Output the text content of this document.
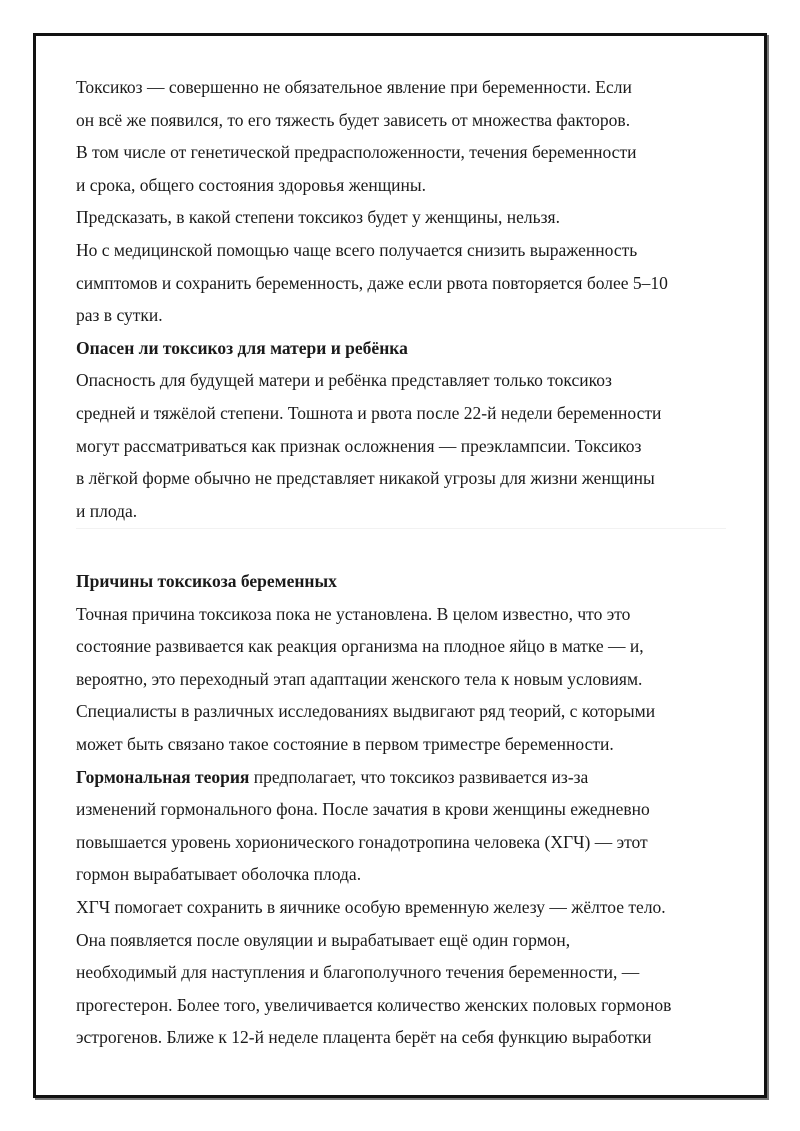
Токсикоз — совершенно не обязательное явление при беременности. Если
он всё же появился, то его тяжесть будет зависеть от множества факторов.
В том числе от генетической предрасположенности, течения беременности
и срока, общего состояния здоровья женщины.
Предсказать, в какой степени токсикоз будет у женщины, нельзя.
Но с медицинской помощью чаще всего получается снизить выраженность
симптомов и сохранить беременность, даже если рвота повторяется более 5–10
раз в сутки.
Опасен ли токсикоз для матери и ребёнка
Опасность для будущей матери и ребёнка представляет только токсикоз
средней и тяжёлой степени. Тошнота и рвота после 22-й недели беременности
могут рассматриваться как признак осложнения — преэклампсии. Токсикоз
в лёгкой форме обычно не представляет никакой угрозы для жизни женщины
и плода.
Причины токсикоза беременных
Точная причина токсикоза пока не установлена. В целом известно, что это
состояние развивается как реакция организма на плодное яйцо в матке — и,
вероятно, это переходный этап адаптации женского тела к новым условиям.
Специалисты в различных исследованиях выдвигают ряд теорий, с которыми
может быть связано такое состояние в первом триместре беременности.
Гормональная теория предполагает, что токсикоз развивается из-за
изменений гормонального фона. После зачатия в крови женщины ежедневно
повышается уровень хорионического гонадотропина человека (ХГЧ) — этот
гормон вырабатывает оболочка плода.
ХГЧ помогает сохранить в яичнике особую временную железу — жёлтое тело.
Она появляется после овуляции и вырабатывает ещё один гормон,
необходимый для наступления и благополучного течения беременности, —
прогестерон. Более того, увеличивается количество женских половых гормонов
эстрогенов. Ближе к 12-й неделе плацента берёт на себя функцию выработки
